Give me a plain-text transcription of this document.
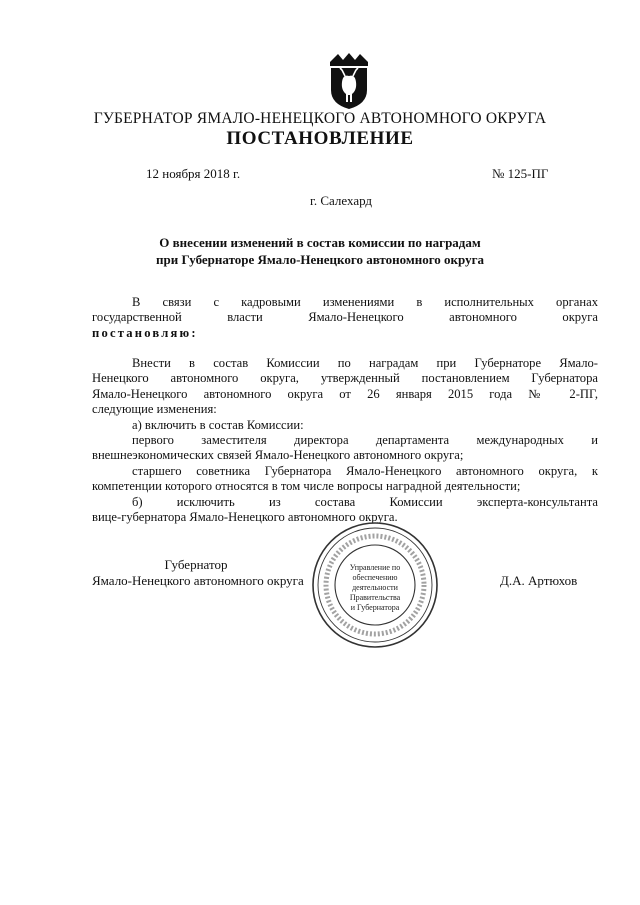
ГУБЕРНАТОР ЯМАЛО-НЕНЕЦКОГО АВТОНОМНОГО ОКРУГА
ПОСТАНОВЛЕНИЕ
12 ноября 2018 г.	№ 125-ПГ
г. Салехард
О внесении изменений в состав комиссии по наградам
при Губернаторе Ямало-Ненецкого автономного округа
В связи с кадровыми изменениями в исполнительных органах
государственной власти Ямало-Ненецкого автономного округа
постановляю:
Внести в состав Комиссии по наградам при Губернаторе Ямало-
Ненецкого автономного округа, утвержденный постановлением Губернатора
Ямало-Ненецкого автономного округа от 26 января 2015 года № 2-ПГ,
следующие изменения:
а) включить в состав Комиссии:
первого заместителя директора департамента международных и
внешнеэкономических связей Ямало-Ненецкого автономного округа;
старшего советника Губернатора Ямало-Ненецкого автономного округа, к
компетенции которого относятся в том числе вопросы наградной деятельности;
б) исключить из состава Комиссии эксперта-консультанта
вице-губернатора Ямало-Ненецкого автономного округа.
Управление по
обеспечению
деятельности
Правительства
и Губернатора
Губернатор
Ямало-Ненецкого автономного округа	Д.А. Артюхов
